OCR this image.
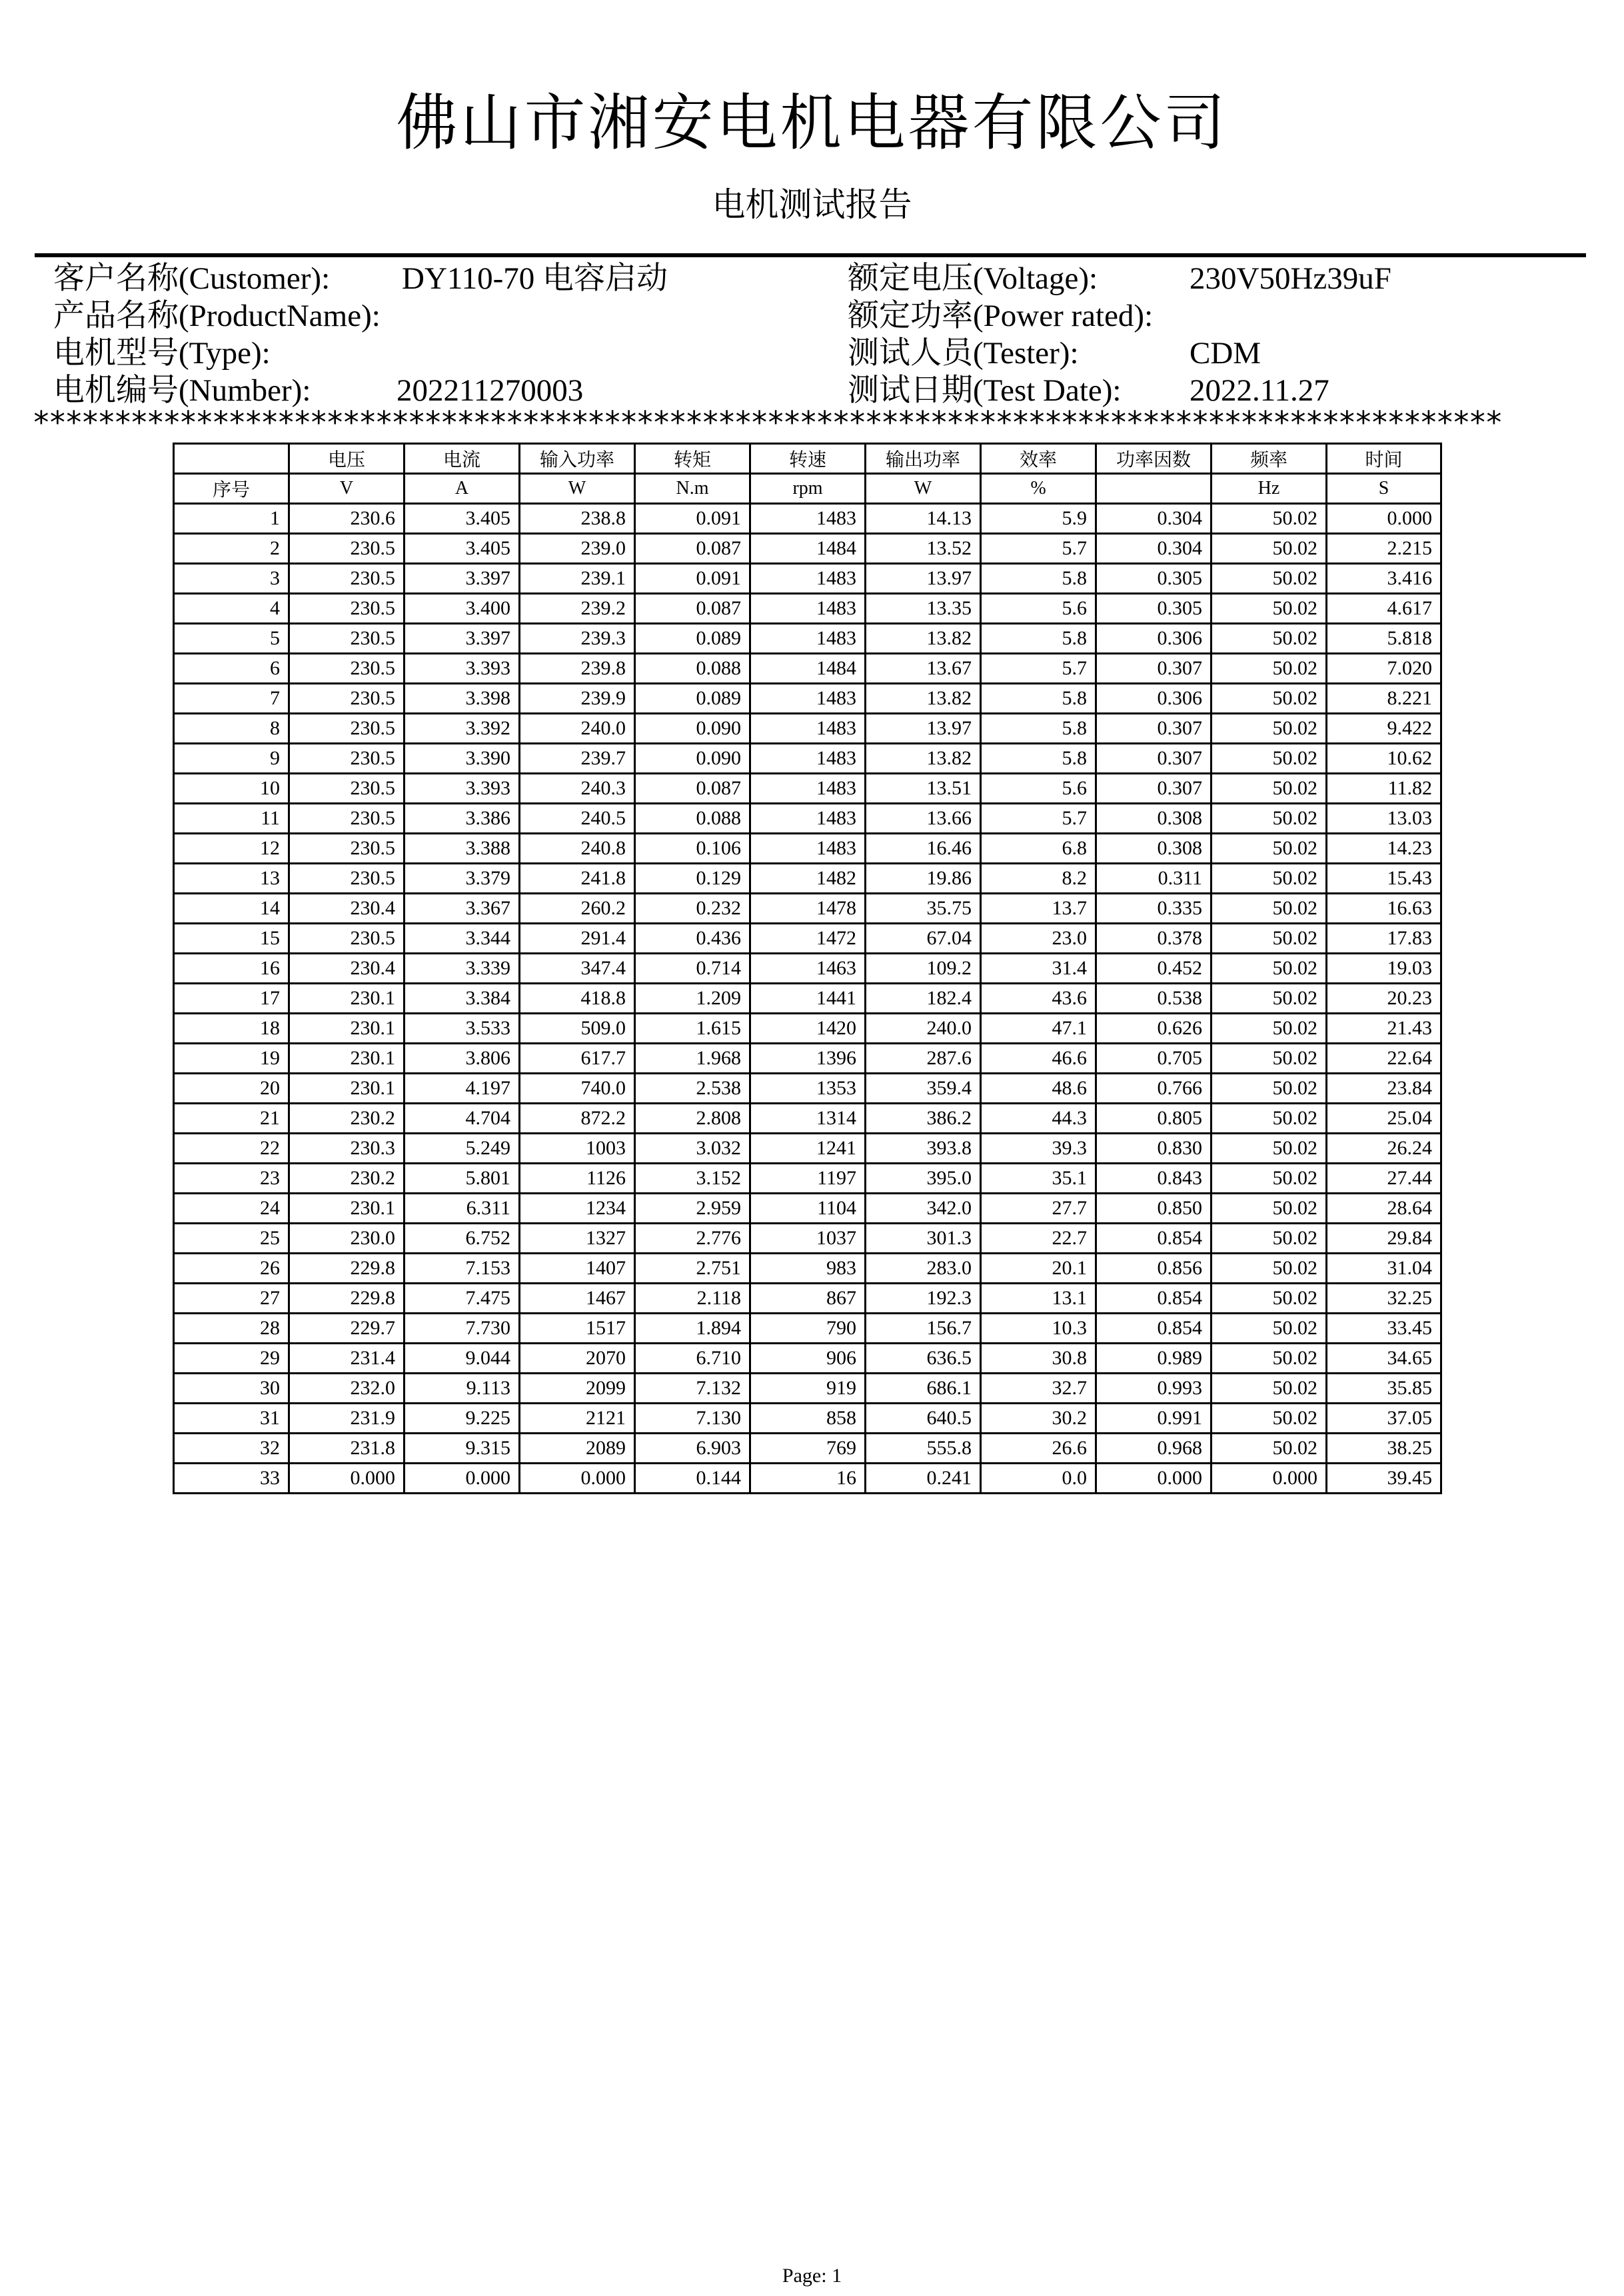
佛山市湘安电机电器有限公司
电机测试报告
客户名称(Customer): DY110-70 电容启动
产品名称(ProductName):
电机型号(Type):
电机编号(Number):	202211270003
额定电压(Voltage):	230V50Hz39uF
额定功率(Power rated):
测试人员(Tester):	CDM
测试日期(Test Date): 2022.11.27
******************************************************************************************
	电压	电流	输入功率	转矩	转速	输出功率	效率	功率因数	频率	时间
序号	V	A	W	N.m	rpm	W	%		Hz	S
1	230.6	3.405	238.8	0.091	1483	14.13	5.9	0.304	50.02	0.000
2	230.5	3.405	239.0	0.087	1484	13.52	5.7	0.304	50.02	2.215
3	230.5	3.397	239.1	0.091	1483	13.97	5.8	0.305	50.02	3.416
4	230.5	3.400	239.2	0.087	1483	13.35	5.6	0.305	50.02	4.617
5	230.5	3.397	239.3	0.089	1483	13.82	5.8	0.306	50.02	5.818
6	230.5	3.393	239.8	0.088	1484	13.67	5.7	0.307	50.02	7.020
7	230.5	3.398	239.9	0.089	1483	13.82	5.8	0.306	50.02	8.221
8	230.5	3.392	240.0	0.090	1483	13.97	5.8	0.307	50.02	9.422
9	230.5	3.390	239.7	0.090	1483	13.82	5.8	0.307	50.02	10.62
10	230.5	3.393	240.3	0.087	1483	13.51	5.6	0.307	50.02	11.82
11	230.5	3.386	240.5	0.088	1483	13.66	5.7	0.308	50.02	13.03
12	230.5	3.388	240.8	0.106	1483	16.46	6.8	0.308	50.02	14.23
13	230.5	3.379	241.8	0.129	1482	19.86	8.2	0.311	50.02	15.43
14	230.4	3.367	260.2	0.232	1478	35.75	13.7	0.335	50.02	16.63
15	230.5	3.344	291.4	0.436	1472	67.04	23.0	0.378	50.02	17.83
16	230.4	3.339	347.4	0.714	1463	109.2	31.4	0.452	50.02	19.03
17	230.1	3.384	418.8	1.209	1441	182.4	43.6	0.538	50.02	20.23
18	230.1	3.533	509.0	1.615	1420	240.0	47.1	0.626	50.02	21.43
19	230.1	3.806	617.7	1.968	1396	287.6	46.6	0.705	50.02	22.64
20	230.1	4.197	740.0	2.538	1353	359.4	48.6	0.766	50.02	23.84
21	230.2	4.704	872.2	2.808	1314	386.2	44.3	0.805	50.02	25.04
22	230.3	5.249	1003	3.032	1241	393.8	39.3	0.830	50.02	26.24
23	230.2	5.801	1126	3.152	1197	395.0	35.1	0.843	50.02	27.44
24	230.1	6.311	1234	2.959	1104	342.0	27.7	0.850	50.02	28.64
25	230.0	6.752	1327	2.776	1037	301.3	22.7	0.854	50.02	29.84
26	229.8	7.153	1407	2.751	983	283.0	20.1	0.856	50.02	31.04
27	229.8	7.475	1467	2.118	867	192.3	13.1	0.854	50.02	32.25
28	229.7	7.730	1517	1.894	790	156.7	10.3	0.854	50.02	33.45
29	231.4	9.044	2070	6.710	906	636.5	30.8	0.989	50.02	34.65
30	232.0	9.113	2099	7.132	919	686.1	32.7	0.993	50.02	35.85
31	231.9	9.225	2121	7.130	858	640.5	30.2	0.991	50.02	37.05
32	231.8	9.315	2089	6.903	769	555.8	26.6	0.968	50.02	38.25
33	0.000	0.000	0.000	0.144	16	0.241	0.0	0.000	0.000	39.45
Page: 1
